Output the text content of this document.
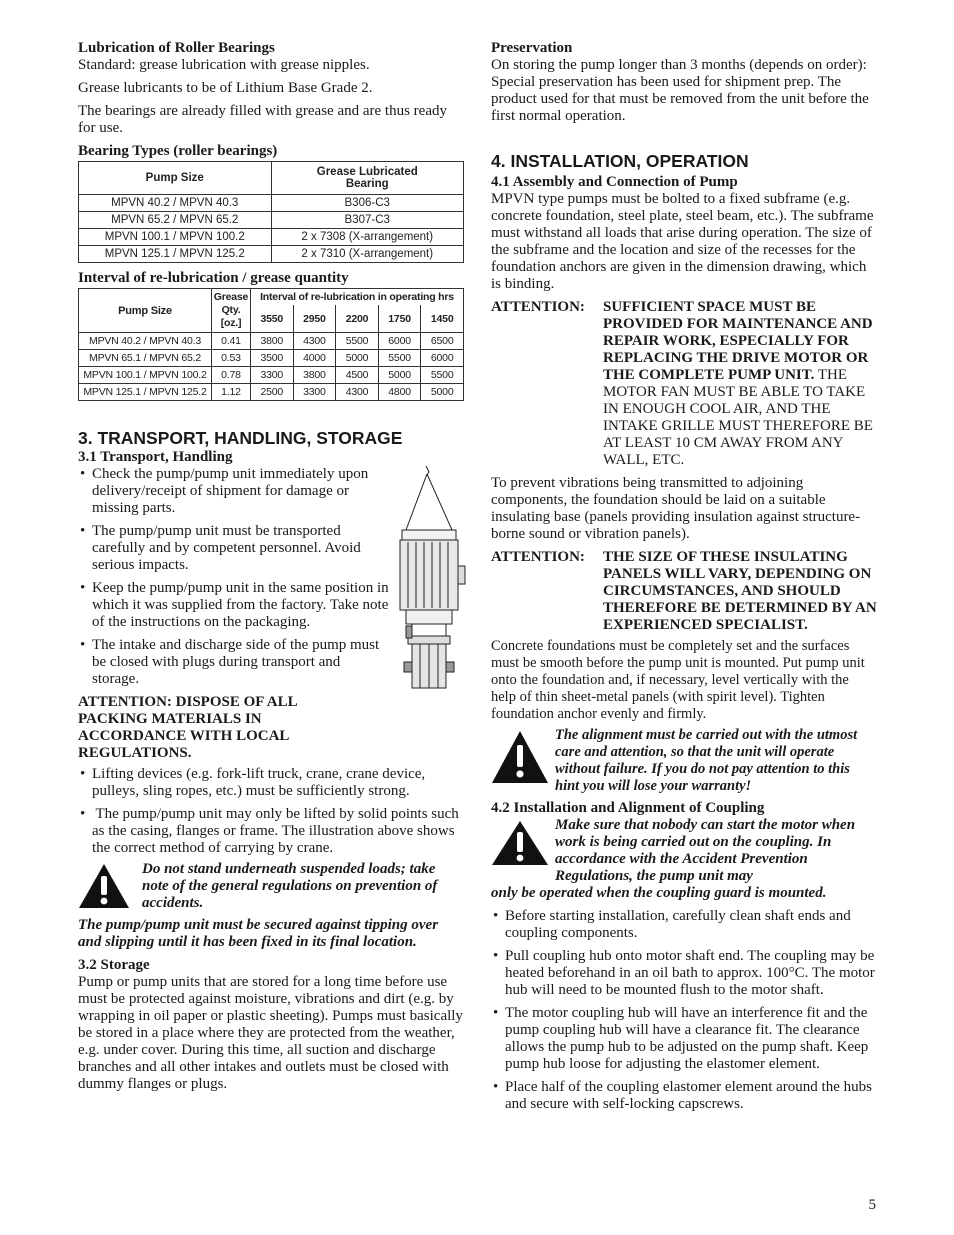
Lubrication of Roller Bearings

Standard: grease lubrication with grease nipples.

Grease lubricants to be of Lithium Base Grade 2.

The bearings are already filled with grease and are thus ready for use.

Bearing Types (roller bearings)

Pump Size	Grease Lubricated Bearing
MPVN 40.2 / MPVN 40.3	B306-C3
MPVN 65.2 / MPVN 65.2	B307-C3
MPVN 100.1 / MPVN 100.2	2 x 7308 (X-arrangement)
MPVN 125.1 / MPVN 125.2	2 x 7310 (X-arrangement)

Interval of re-lubrication / grease quantity

Pump Size	Grease Qty. [oz.]	Interval of re-lubrication in operating hrs				
		3550	2950	2200	1750	1450
MPVN 40.2 / MPVN 40.3	0.41	3800	4300	5500	6000	6500
MPVN 65.1 / MPVN 65.2	0.53	3500	4000	5000	5500	6000
MPVN 100.1 / MPVN 100.2	0.78	3300	3800	4500	5000	5500
MPVN 125.1 / MPVN 125.2	1.12	2500	3300	4300	4800	5000
3. TRANSPORT, HANDLING, STORAGE

3.1 Transport, Handling

• Check the pump/pump unit immediately upon delivery/receipt of shipment for damage or missing parts.
• The pump/pump unit must be transported carefully and by competent personnel. Avoid serious impacts.
• Keep the pump/pump unit in the same position in which it was supplied from the factory. Take note of the instructions on the packaging.
• The intake and discharge side of the pump must be closed with plugs during transport and storage.

ATTENTION: DISPOSE OF ALL PACKING MATERIALS IN ACCORDANCE WITH LOCAL REGULATIONS.

• Lifting devices (e.g. fork-lift truck, crane, crane device, pulleys, sling ropes, etc.) must be sufficiently strong.
• The pump/pump unit may only be lifted by solid points such as the casing, flanges or frame. The illustration above shows the correct method of carrying by crane.

Do not stand underneath suspended loads; take note of the general regulations on prevention of accidents.

The pump/pump unit must be secured against tipping over and slipping until it has been fixed in its final location.

3.2 Storage

Pump or pump units that are stored for a long time before use must be protected against moisture, vibrations and dirt (e.g. by wrapping in oil paper or plastic sheeting). Pumps must basically be stored in a place where they are protected from the weather, e.g. under cover. During this time, all suction and discharge branches and all other intakes and outlets must be closed with dummy flanges or plugs.

Preservation

On storing the pump longer than 3 months (depends on order): Special preservation has been used for shipment prep. The product used for that must be removed from the unit before the first normal operation.

4. INSTALLATION, OPERATION

4.1 Assembly and Connection of Pump

MPVN type pumps must be bolted to a fixed subframe (e.g. concrete foundation, steel plate, steel beam, etc.). The subframe must withstand all loads that arise during operation. The size of the subframe and the location and size of the recesses for the foundation anchors are given in the dimension drawing, which is binding.

ATTENTION:	SUFFICIENT SPACE MUST BE PROVIDED FOR MAINTENANCE AND REPAIR WORK, ESPECIALLY FOR REPLACING THE DRIVE MOTOR OR THE COMPLETE PUMP UNIT. THE MOTOR FAN MUST BE ABLE TO TAKE IN ENOUGH COOL AIR, AND THE INTAKE GRILLE MUST THEREFORE BE AT LEAST 10 CM AWAY FROM ANY WALL, ETC.

To prevent vibrations being transmitted to adjoining components, the foundation should be laid on a suitable insulating base (panels providing insulation against structure-borne sound or vibration panels).

ATTENTION:	THE SIZE OF THESE INSULATING PANELS WILL VARY, DEPENDING ON CIRCUMSTANCES, AND SHOULD THEREFORE BE DETERMINED BY AN EXPERIENCED SPECIALIST.

Concrete foundations must be completely set and the surfaces must be smooth before the pump unit is mounted. Put pump unit onto the foundation and, if necessary, level vertically with the help of thin sheet-metal panels (with spirit level). Tighten foundation anchor evenly and firmly.

The alignment must be carried out with the utmost care and attention, so that the unit will operate without failure. If you do not pay attention to this hint you will lose your warranty!

4.2 Installation and Alignment of Coupling

Make sure that nobody can start the motor when work is being carried out on the coupling. In accordance with the Accident Prevention Regulations, the pump unit may

only be operated when the coupling guard is mounted.

• Before starting installation, carefully clean shaft ends and coupling components.
• Pull coupling hub onto motor shaft end. The coupling may be heated beforehand in an oil bath to approx. 100°C. The motor hub will need to be mounted flush to the motor shaft.
• The motor coupling hub will have an interference fit and the pump coupling hub will have a clearance fit. The clearance allows the pump hub to be adjusted on the pump shaft. Keep pump hub loose for adjusting the elastomer element.
• Place half of the coupling elastomer element around the hubs and secure with self-locking capscrews.
5
